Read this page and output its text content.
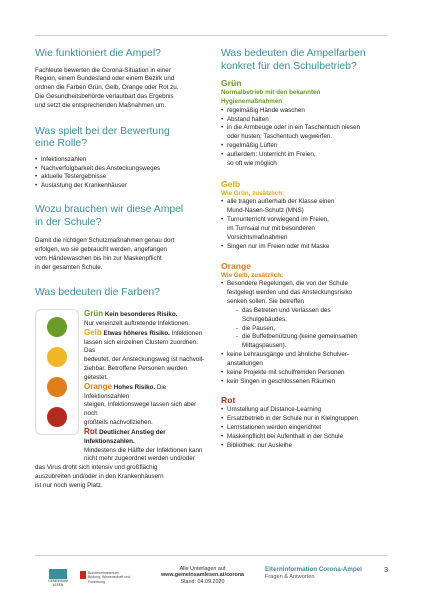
Wie funktioniert die Ampel?
Fachleute bewerten die Corona-Situation in einer
Region, einem Bundesland oder einem Bezirk und
ordnen die Farben Grün, Gelb, Orange oder Rot zu.
Die Gesundheitsbehörde verlautbart das Ergebnis
und setzt die entsprechenden Maßnahmen um.
Was spielt bei der Bewertung
eine Rolle?
• Infektionszahlen
• Nachverfolgbarkeit des Ansteckungsweges
• aktuelle Testergebnisse
• Auslastung der Krankenhäuser
Wozu brauchen wir diese Ampel
in der Schule?
Damit die richtigen Schutzmaßnahmen genau dort
erfolgen, wo sie gebraucht werden, angefangen
vom Händewaschen bis hin zur Maskenpflicht
in der gesamten Schule.
Was bedeuten die Farben?
Grün Kein besonderes Risiko.
Nur vereinzelt auftretende Infektionen.
Gelb Etwas höheres Risiko. Infektionen
lassen sich einzelnen Clustern zuordnen. Das
bedeutet, der Ansteckungsweg ist nachvoll-
ziehbar. Betroffene Personen werden getestet.
Orange Hohes Risiko. Die Infektionszahlen
steigen, Infektionswege lassen sich aber noch
großteils nachvollziehen.
Rot Deutlicher Anstieg der Infektionszahlen.
Mindestens die Hälfte der Infektionen kann
nicht mehr zugeordnet werden und/oder
das Virus droht sich intensiv und großflächig
auszubreiten und/oder in den Krankenhäusern
ist nur noch wenig Platz.
Was bedeuten die Ampelfarben
konkret für den Schulbetrieb?
Grün
Normalbetrieb mit den bekannten
Hygienemaßnahmen
• regelmäßig Hände waschen
• Abstand halten
• in die Armbeuge oder in ein Taschentuch niesen
oder husten; Taschentuch wegwerfen.
• regelmäßig Lüften
• außerdem: Unterricht im Freien,
so oft wie möglich
Gelb
Wie Grün, zusätzlich:
• alle tragen außerhalb der Klasse einen
Mund-Nasen-Schutz (MNS)
• Turnunterricht vorwiegend im Freien,
im Turnsaal nur mit besonderen
Vorsichtsmaßnahmen
• Singen nur im Freien oder mit Maske
Orange
Wie Gelb, zusätzlich:
• Besondere Regelungen, die von der Schule
festgelegt werden und das Ansteckungsrisiko
senken sollen. Sie betreffen
- das Betreten und Verlassen des
Schulgebäudes,
- die Pausen,
- die Buffetbenützung (keine gemeinsamen
Mittagspausen).
• keine Lehrausgänge und ähnliche Schulver-
anstaltungen
• keine Projekte mit schulfremden Personen
• kein Singen in geschlossenen Räumen
Rot
• Umstellung auf Distance-Learning
• Ersatzbetrieb in der Schule nur in Kleingruppen
• Lernstationen werden eingerichtet
• Maskenpflicht bei Aufenthalt in der Schule
• Bibliothek: nur Ausleihe
GEMEINSAM LESEN
Bundesministerium Bildung, Wissenschaft und Forschung
Alle Unterlagen auf
www.gemeinsamlesen.at/corona
Stand: 04.09.2020
Elterninformation Corona-Ampel
Fragen & Antworten
3
